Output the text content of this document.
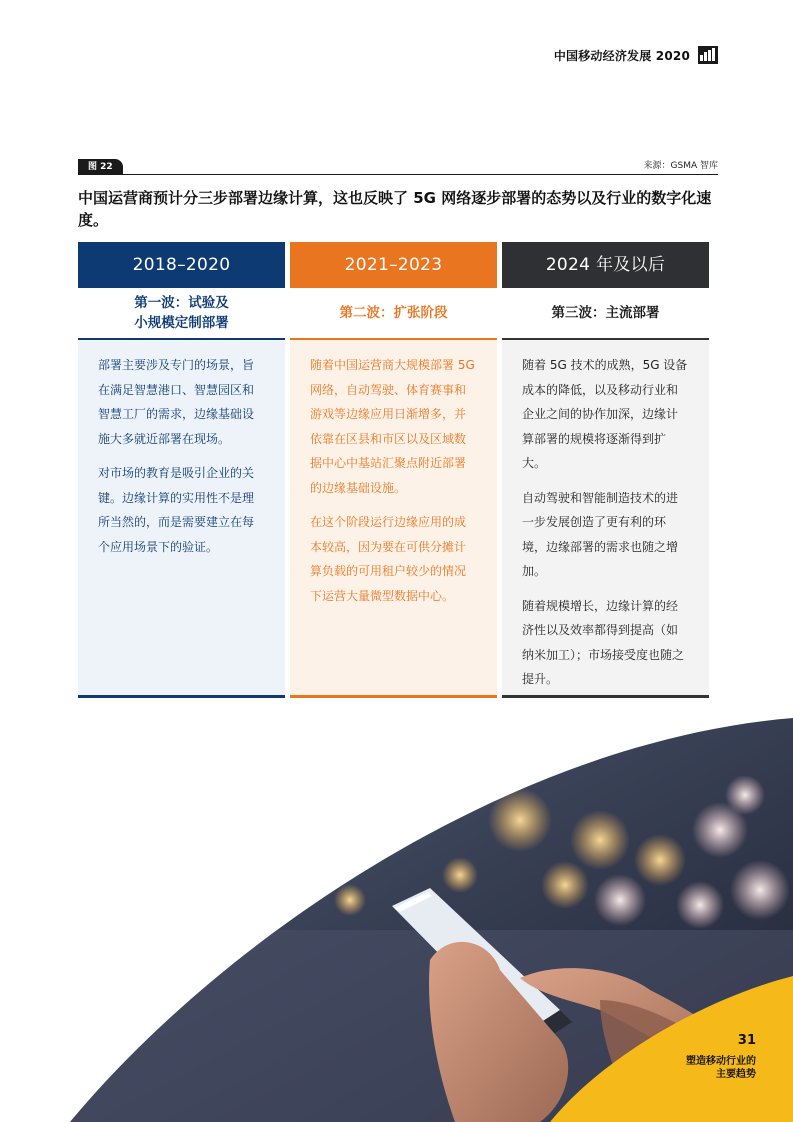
中国移动经济发展 2020
图 22	来源：GSMA 智库
中国运营商预计分三步部署边缘计算，这也反映了 5G 网络逐步部署的态势以及行业的数字化速度。
2018–2020
第一波：试验及
小规模定制部署

部署主要涉及专门的场景，旨在满足智慧港口、智慧园区和智慧工厂的需求，边缘基础设施大多就近部署在现场。

对市场的教育是吸引企业的关键。边缘计算的实用性不是理所当然的，而是需要建立在每个应用场景下的验证。

2021–2023
第二波：扩张阶段

随着中国运营商大规模部署 5G 网络，自动驾驶、体育赛事和游戏等边缘应用日渐增多，并依靠在区县和市区以及区域数据中心中基站汇聚点附近部署的边缘基础设施。

在这个阶段运行边缘应用的成本较高，因为要在可供分摊计算负载的可用租户较少的情况下运营大量微型数据中心。

2024 年及以后
第三波：主流部署

随着 5G 技术的成熟，5G 设备成本的降低，以及移动行业和企业之间的协作加深，边缘计算部署的规模将逐渐得到扩大。

自动驾驶和智能制造技术的进一步发展创造了更有利的环境，边缘部署的需求也随之增加。

随着规模增长，边缘计算的经济性以及效率都得到提高（如纳米加工）；市场接受度也随之提升。

31
塑造移动行业的
主要趋势
